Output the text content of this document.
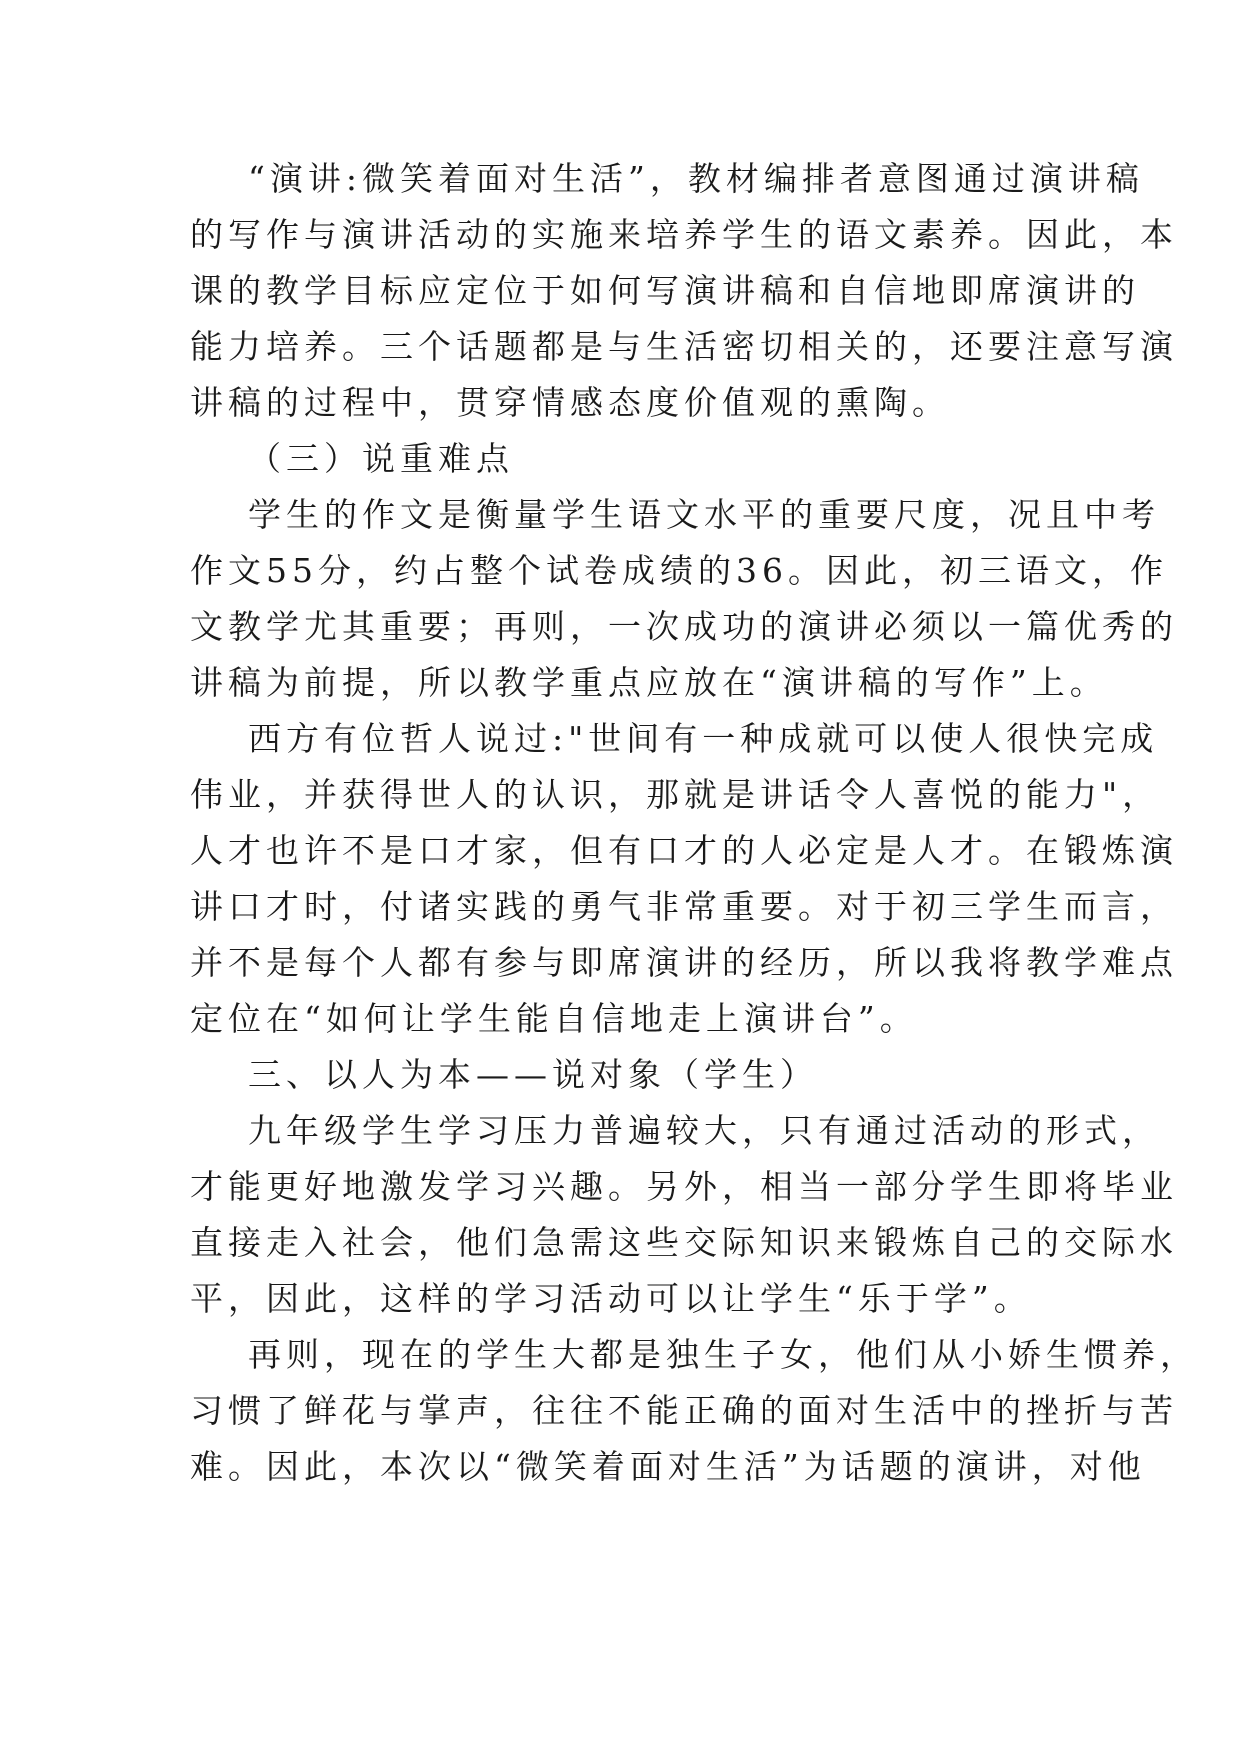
“演讲:微笑着面对生活”，教材编排者意图通过演讲稿
的写作与演讲活动的实施来培养学生的语文素养。因此，本
课的教学目标应定位于如何写演讲稿和自信地即席演讲的
能力培养。三个话题都是与生活密切相关的，还要注意写演
讲稿的过程中，贯穿情感态度价值观的熏陶。
（三）说重难点
学生的作文是衡量学生语文水平的重要尺度，况且中考
作文55分，约占整个试卷成绩的36。因此，初三语文，作
文教学尤其重要；再则，一次成功的演讲必须以一篇优秀的
讲稿为前提，所以教学重点应放在“演讲稿的写作”上。
西方有位哲人说过:"世间有一种成就可以使人很快完成
伟业，并获得世人的认识，那就是讲话令人喜悦的能力"，
人才也许不是口才家，但有口才的人必定是人才。在锻炼演
讲口才时，付诸实践的勇气非常重要。对于初三学生而言，
并不是每个人都有参与即席演讲的经历，所以我将教学难点
定位在“如何让学生能自信地走上演讲台”。
三、以人为本——说对象（学生）
九年级学生学习压力普遍较大，只有通过活动的形式，
才能更好地激发学习兴趣。另外，相当一部分学生即将毕业
直接走入社会，他们急需这些交际知识来锻炼自己的交际水
平，因此，这样的学习活动可以让学生“乐于学”。
再则，现在的学生大都是独生子女，他们从小娇生惯养，
习惯了鲜花与掌声，往往不能正确的面对生活中的挫折与苦
难。因此，本次以“微笑着面对生活”为话题的演讲，对他
